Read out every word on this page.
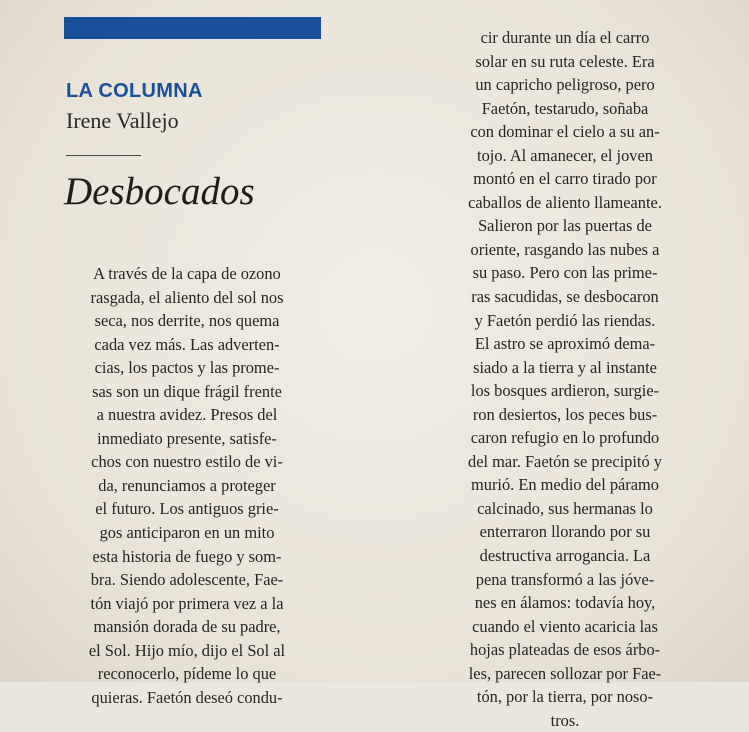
LA COLUMNA
Irene Vallejo
Desbocados
A través de la capa de ozono
rasgada, el aliento del sol nos
seca, nos derrite, nos quema
cada vez más. Las adverten-
cias, los pactos y las prome-
sas son un dique frágil frente
a nuestra avidez. Presos del
inmediato presente, satisfe-
chos con nuestro estilo de vi-
da, renunciamos a proteger
el futuro. Los antiguos grie-
gos anticiparon en un mito
esta historia de fuego y som-
bra. Siendo adolescente, Fae-
tón viajó por primera vez a la
mansión dorada de su padre,
el Sol. Hijo mío, dijo el Sol al
reconocerlo, pídeme lo que
quieras. Faetón deseó condu-
cir durante un día el carro
solar en su ruta celeste. Era
un capricho peligroso, pero
Faetón, testarudo, soñaba
con dominar el cielo a su an-
tojo. Al amanecer, el joven
montó en el carro tirado por
caballos de aliento llameante.
Salieron por las puertas de
oriente, rasgando las nubes a
su paso. Pero con las prime-
ras sacudidas, se desbocaron
y Faetón perdió las riendas.
El astro se aproximó dema-
siado a la tierra y al instante
los bosques ardieron, surgie-
ron desiertos, los peces bus-
caron refugio en lo profundo
del mar. Faetón se precipitó y
murió. En medio del páramo
calcinado, sus hermanas lo
enterraron llorando por su
destructiva arrogancia. La
pena transformó a las jóve-
nes en álamos: todavía hoy,
cuando el viento acaricia las
hojas plateadas de esos árbo-
les, parecen sollozar por Fae-
tón, por la tierra, por noso-
tros.
